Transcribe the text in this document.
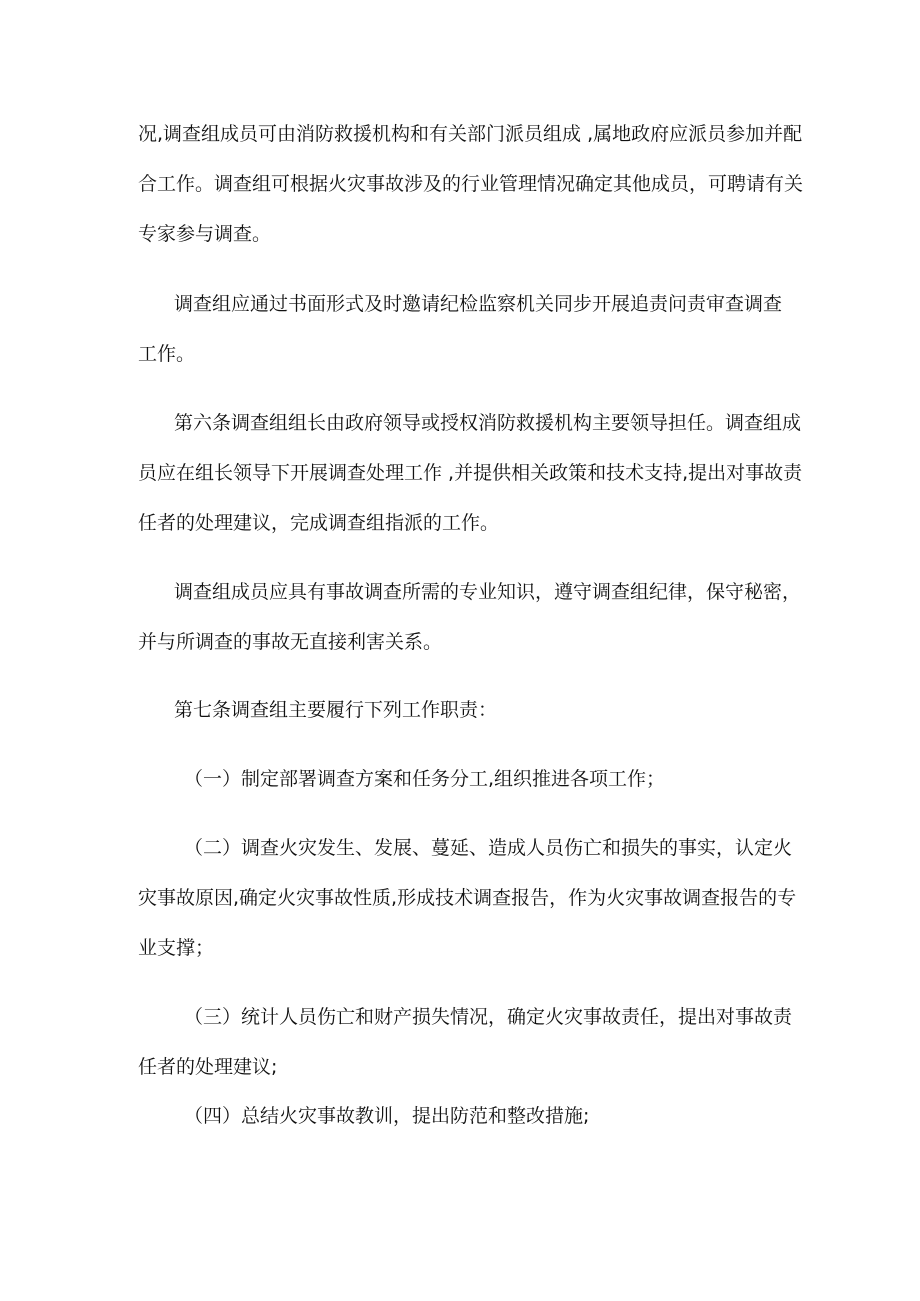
况,调查组成员可由消防救援机构和有关部门派员组成 ,属地政府应派员参加并配
合工作。调查组可根据火灾事故涉及的行业管理情况确定其他成员，可聘请有关
专家参与调查。
调查组应通过书面形式及时邀请纪检监察机关同步开展追责问责审查调查
工作。
第六条调查组组长由政府领导或授权消防救援机构主要领导担任。调查组成
员应在组长领导下开展调查处理工作 ,并提供相关政策和技术支持,提出对事故责
任者的处理建议，完成调查组指派的工作。
调查组成员应具有事故调查所需的专业知识，遵守调查组纪律，保守秘密，
并与所调查的事故无直接利害关系。
第七条调查组主要履行下列工作职责：
（一）制定部署调查方案和任务分工,组织推进各项工作；
（二）调查火灾发生、发展、蔓延、造成人员伤亡和损失的事实，认定火
灾事故原因,确定火灾事故性质,形成技术调查报告，作为火灾事故调查报告的专
业支撑；
（三）统计人员伤亡和财产损失情况，确定火灾事故责任，提出对事故责
任者的处理建议;
（四）总结火灾事故教训，提出防范和整改措施;
